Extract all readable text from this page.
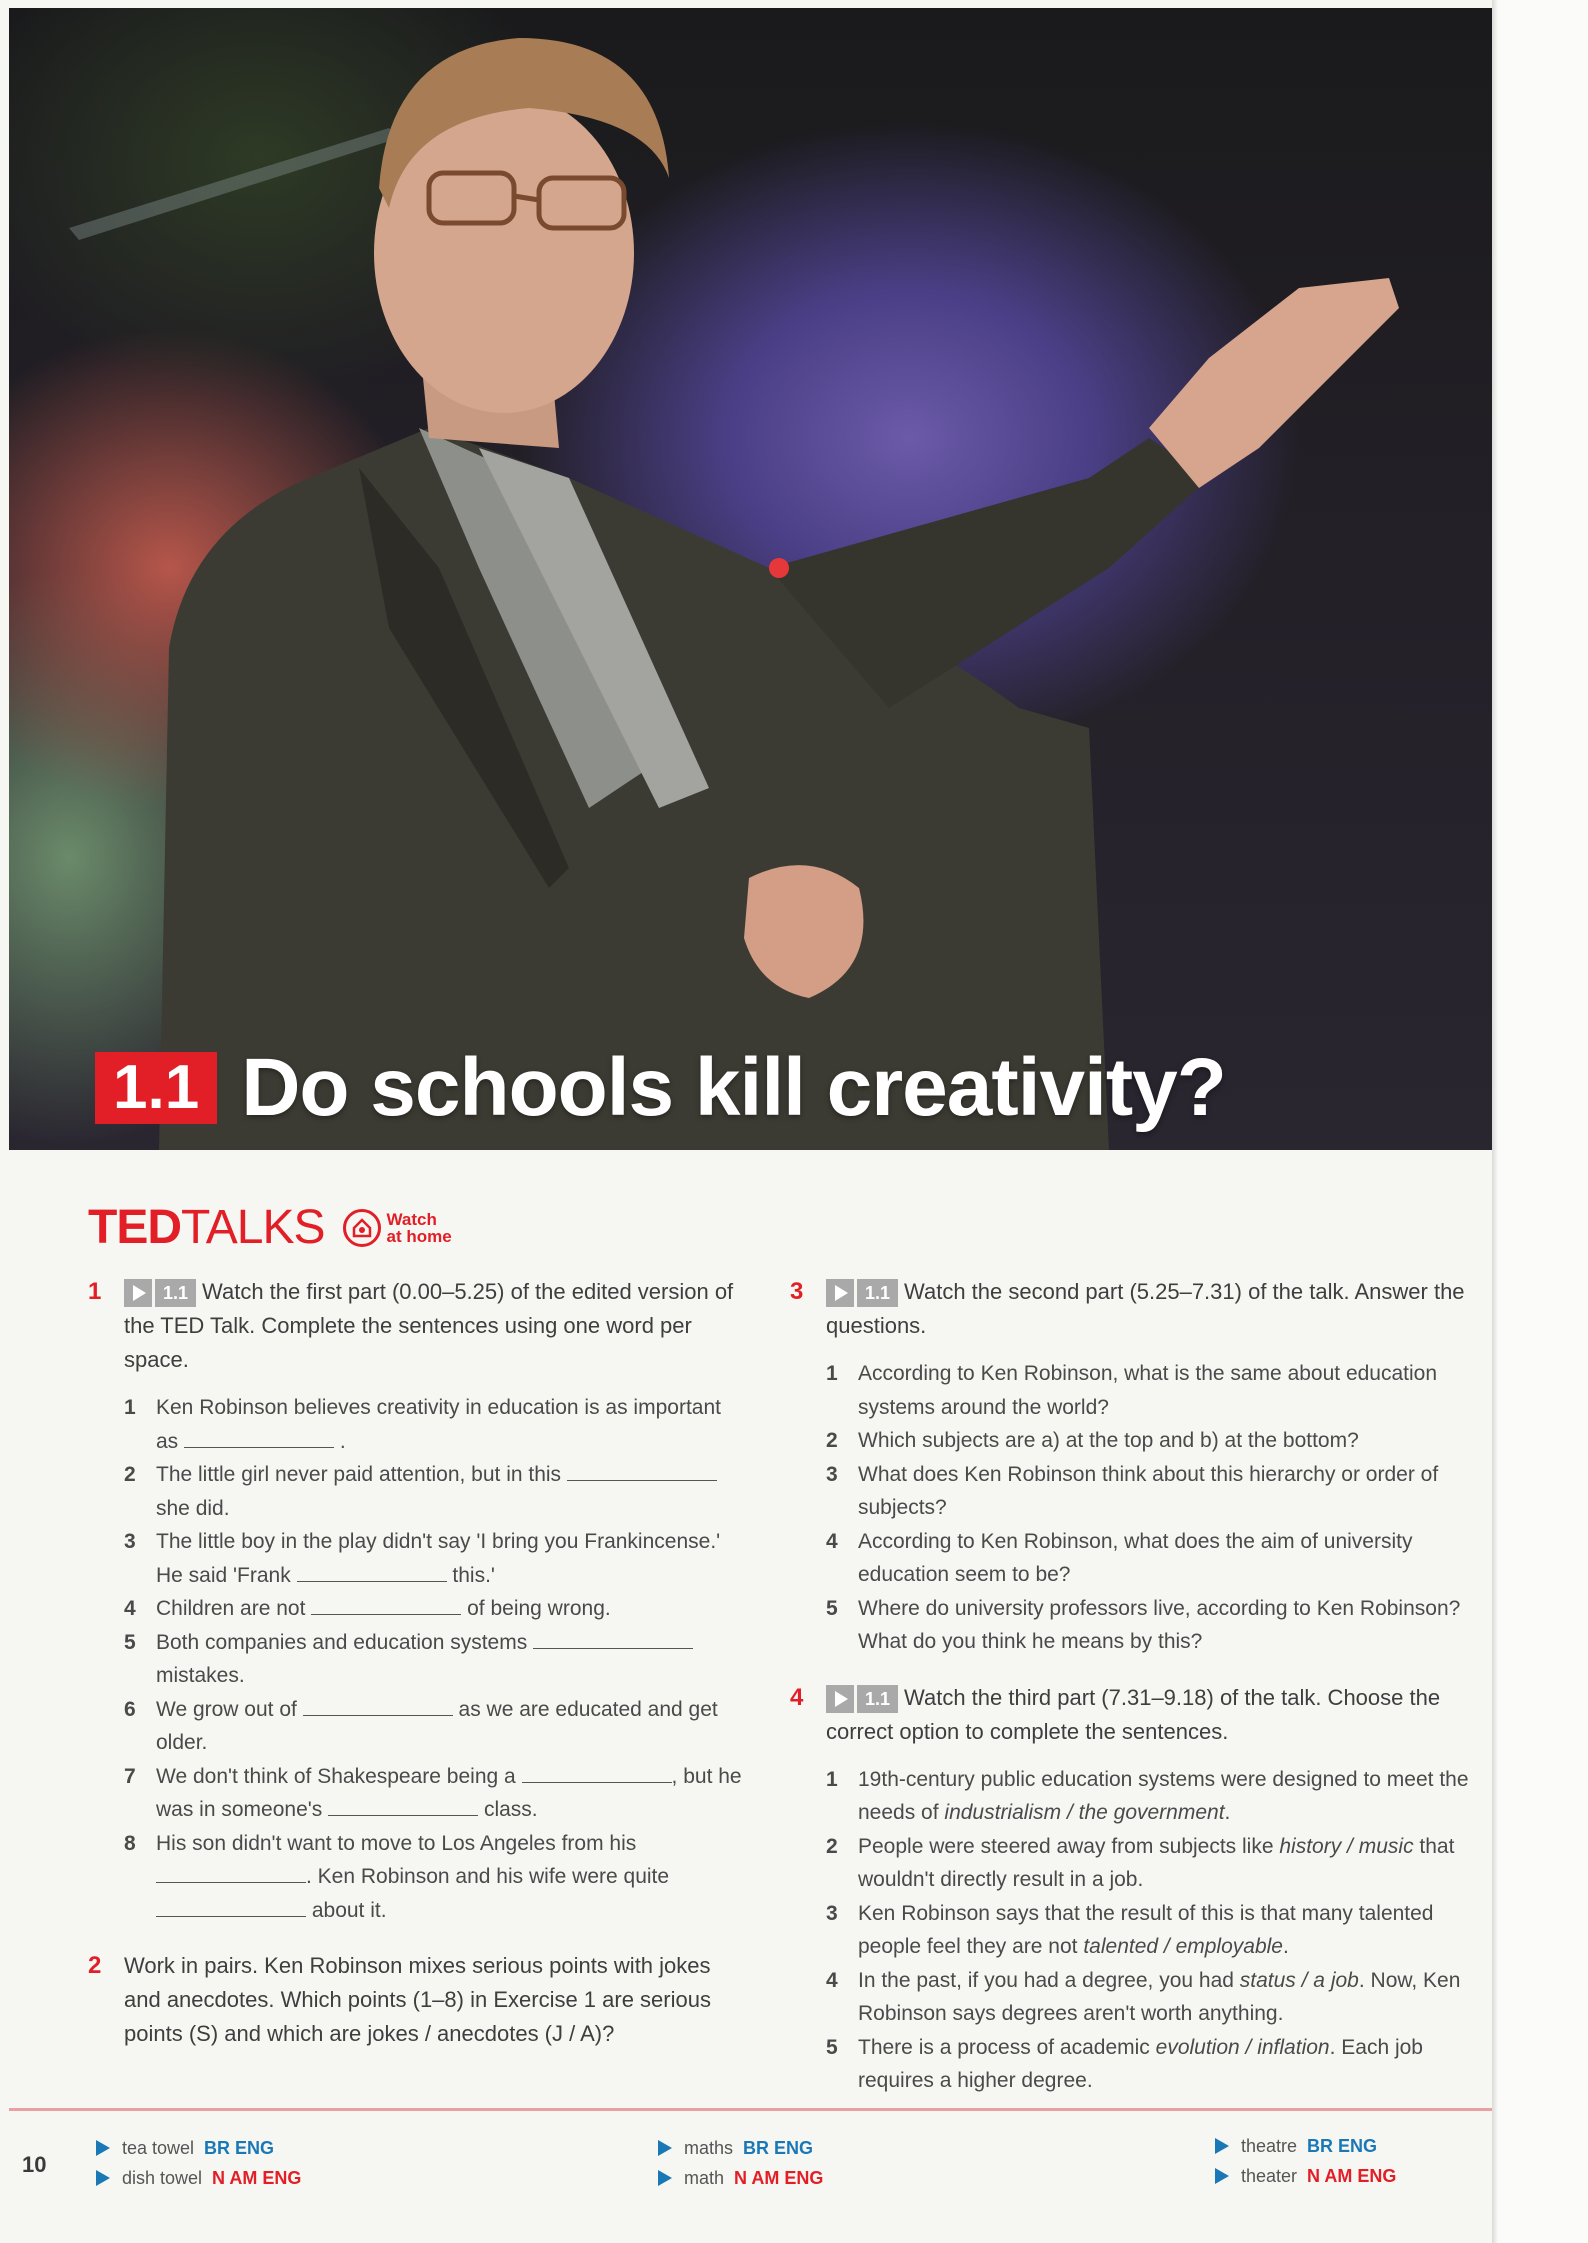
1.1 Do schools kill creativity?
TEDTALKS	Watch
at home
1	1.1 Watch the first part (0.00–5.25) of the edited version of the TED Talk. Complete the sentences using one word per space.
1 Ken Robinson believes creativity in education is as important as	.
2 The little girl never paid attention, but in this  she did.
3 The little boy in the play didn't say 'I bring you Frankincense.' He said 'Frank	this.'
4 Children are not	of being wrong.
5 Both companies and education systems  mistakes.
6 We grow out of	as we are educated and get older.
7 We don't think of Shakespeare being a	, but he was in someone's	class.
8 His son didn't want to move to Los Angeles from his . Ken Robinson and his wife were quite  about it.
2 Work in pairs. Ken Robinson mixes serious points with jokes and anecdotes. Which points (1–8) in Exercise 1 are serious points (S) and which are jokes / anecdotes (J / A)?
3	1.1 Watch the second part (5.25–7.31) of the talk. Answer the questions.
1 According to Ken Robinson, what is the same about education systems around the world?
2 Which subjects are a) at the top and b) at the bottom?
3 What does Ken Robinson think about this hierarchy or order of subjects?
4 According to Ken Robinson, what does the aim of university education seem to be?
5 Where do university professors live, according to Ken Robinson? What do you think he means by this?
4	1.1 Watch the third part (7.31–9.18) of the talk. Choose the correct option to complete the sentences.
1 19th-century public education systems were designed to meet the needs of industrialism / the government.
2 People were steered away from subjects like history / music that wouldn't directly result in a job.
3 Ken Robinson says that the result of this is that many talented people feel they are not talented / employable.
4 In the past, if you had a degree, you had status / a job. Now, Ken Robinson says degrees aren't worth anything.
5 There is a process of academic evolution / inflation. Each job requires a higher degree.
10
tea towel BR ENG
dish towel N AM ENG
maths BR ENG
math N AM ENG
theatre BR ENG
theater N AM ENG
